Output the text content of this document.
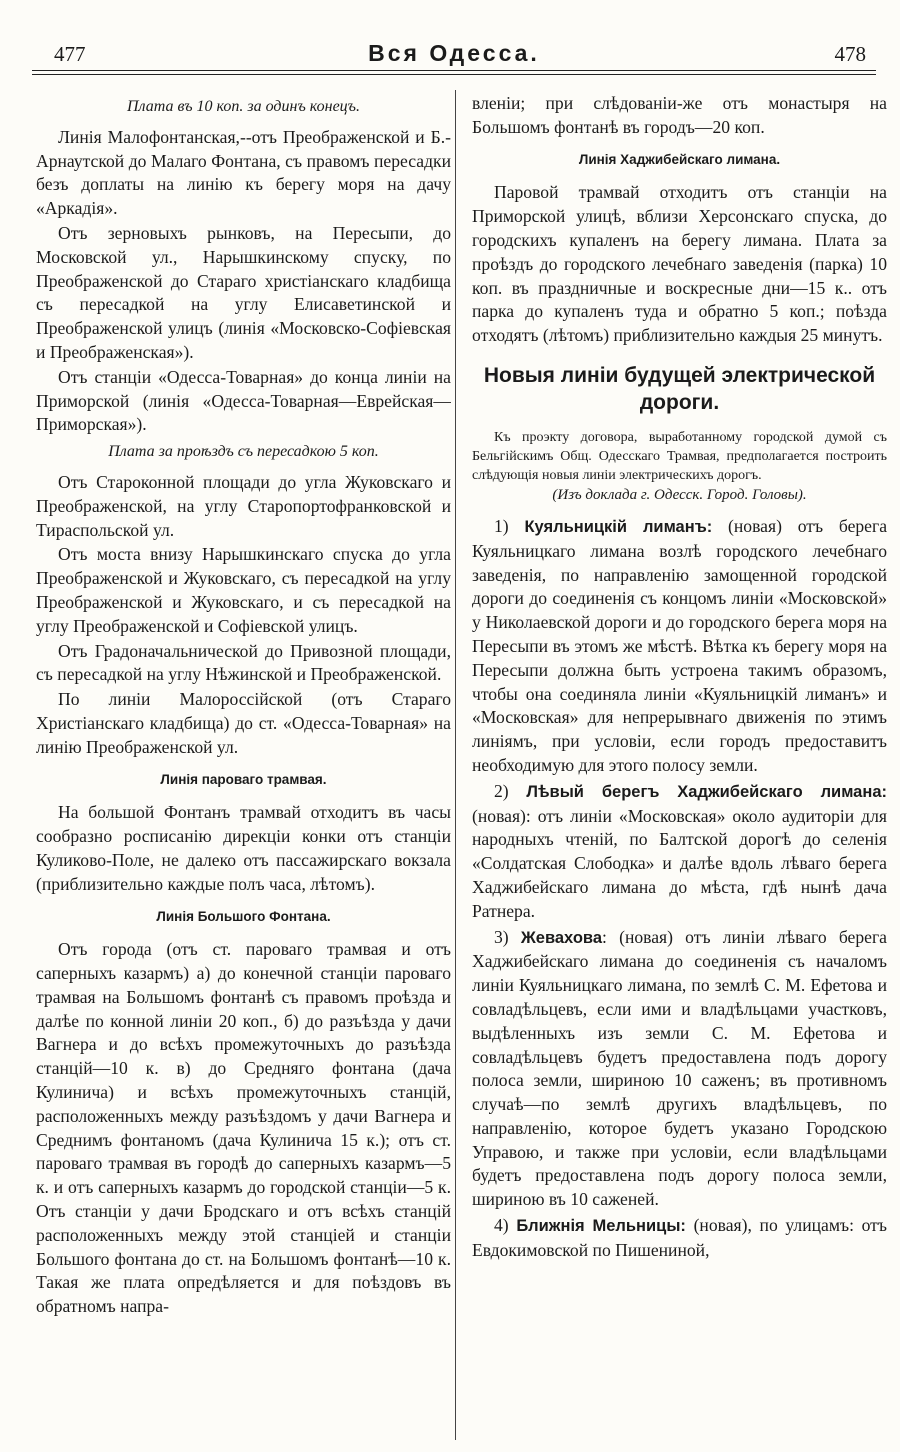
477	Вся Одесса.	478

Плата въ 10 коп. за одинъ конецъ.

Линія Малофонтанская,--отъ Преображенской и Б.-Арнаутской до Малаго Фонтана, съ правомъ пересадки безъ доплаты на линію къ берегу моря на дачу «Аркадія».

Отъ зерновыхъ рынковъ, на Пересыпи, до Московской ул., Нарышкинскому спуску, по Преображенской до Стараго христіанскаго кладбища съ пересадкой на углу Елисаветинской и Преображенской улицъ (линія «Московско-Софіевская и Преображенская»).

Отъ станціи «Одесса-Товарная» до конца линіи на Приморской (линія «Одесса-Товарная—Еврейская—Приморская»).

Плата за проѣздъ съ пересадкою 5 коп.

Отъ Староконной площади до угла Жуковскаго и Преображенской, на углу Старопортофранковской и Тираспольской ул.

Отъ моста внизу Нарышкинскаго спуска до угла Преображенской и Жуковскаго, съ пересадкой на углу Преображенской и Жуковскаго, и съ пересадкой на углу Преображенской и Софіевской улицъ.

Отъ Градоначальнической до Привозной площади, съ пересадкой на углу Нѣжинской и Преображенской.

По линіи Малороссійской (отъ Стараго Христіанскаго кладбища) до ст. «Одесса-Товарная» на линію Преображенской ул.

Линія пароваго трамвая.

На большой Фонтанъ трамвай отходитъ въ часы сообразно росписанію дирекціи конки отъ станціи Куликово-Поле, не далеко отъ пассажирскаго вокзала (приблизительно каждые полъ часа, лѣтомъ).

Линія Большого Фонтана.

Отъ города (отъ ст. пароваго трамвая и отъ саперныхъ казармъ) а) до конечной станціи пароваго трамвая на Большомъ фонтанѣ съ правомъ проѣзда и далѣе по конной линіи 20 коп., б) до разъѣзда у дачи Вагнера и до всѣхъ промежуточныхъ до разъѣзда станцій—10 к. в) до Средняго фонтана (дача Кулинича) и всѣхъ промежуточныхъ станцій, расположенныхъ между разъѣздомъ у дачи Вагнера и Среднимъ фонтаномъ (дача Кулинича 15 к.); отъ ст. пароваго трамвая въ городѣ до саперныхъ казармъ—5 к. и отъ саперныхъ казармъ до городской станціи—5 к. Отъ станціи у дачи Бродскаго и отъ всѣхъ станцій расположенныхъ между этой станціей и станціи Большого фонтана до ст. на Большомъ фонтанѣ—10 к. Такая же плата опредѣляется и для поѣздовъ въ обратномъ напра-

вленіи; при слѣдованіи-же отъ монастыря на Большомъ фонтанѣ въ городъ—20 коп.

Линія Хаджибейскаго лимана.

Паровой трамвай отходитъ отъ станціи на Приморской улицѣ, вблизи Херсонскаго спуска, до городскихъ купаленъ на берегу лимана. Плата за проѣздъ до городского лечебнаго заведенія (парка) 10 коп. въ праздничные и воскресные дни—15 к.. отъ парка до купаленъ туда и обратно 5 коп.; поѣзда отходятъ (лѣтомъ) приблизительно каждыя 25 минутъ.

Новыя линіи будущей электрической дороги.

Къ проэкту договора, выработанному городской думой съ Бельгійскимъ Общ. Одесскаго Трамвая, предполагается построить слѣдующія новыя линіи электрическихъ дорогъ.

(Изъ доклада г. Одесск. Город. Головы).

1) Куяльницкій лиманъ: (новая) отъ берега Куяльницкаго лимана возлѣ городского лечебнаго заведенія, по направленію замощенной городской дороги до соединенія съ концомъ линіи «Московской» у Николаевской дороги и до городского берега моря на Пересыпи въ этомъ же мѣстѣ. Вѣтка къ берегу моря на Пересыпи должна быть устроена такимъ образомъ, чтобы она соединяла линіи «Куяльницкій лиманъ» и «Московская» для непрерывнаго движенія по этимъ линіямъ, при условіи, если городъ предоставитъ необходимую для этого полосу земли.

2) Лѣвый берегъ Хаджибейскаго лимана: (новая): отъ линіи «Московская» около аудиторіи для народныхъ чтеній, по Балтской дорогѣ до селенія «Солдатская Слободка» и далѣе вдоль лѣваго берега Хаджибейскаго лимана до мѣста, гдѣ нынѣ дача Ратнера.

3) Жевахова: (новая) отъ линіи лѣваго берега Хаджибейскаго лимана до соединенія съ началомъ линіи Куяльницкаго лимана, по землѣ С. М. Ефетова и совладѣльцевъ, если ими и владѣльцами участковъ, выдѣленныхъ изъ земли С. М. Ефетова и совладѣльцевъ будетъ предоставлена подъ дорогу полоса земли, шириною 10 саженъ; въ противномъ случаѣ—по землѣ другихъ владѣльцевъ, по направленію, которое будетъ указано Городскою Управою, и также при условіи, если владѣльцами будетъ предоставлена подъ дорогу полоса земли, шириною въ 10 саженей.

4) Ближнія Мельницы: (новая), по улицамъ: отъ Евдокимовской по Пишениной,
